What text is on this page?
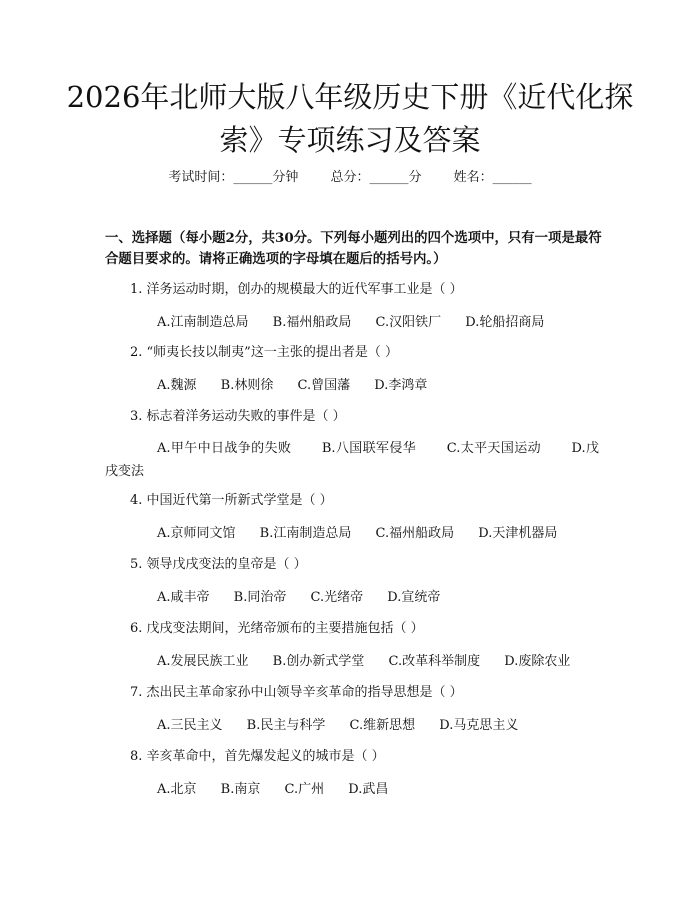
2026年北师大版八年级历史下册《近代化探索》专项练习及答案
考试时间：______分钟 总分：______分 姓名：______
一、选择题（每小题2分，共30分。下列每小题列出的四个选项中，只有一项是最符合题目要求的。请将正确选项的字母填在题后的括号内。）
1. 洋务运动时期，创办的规模最大的近代军事工业是（ ）
A.江南制造总局 B.福州船政局 C.汉阳铁厂 D.轮船招商局
2. “师夷长技以制夷”这一主张的提出者是（ ）
A.魏源 B.林则徐 C.曾国藩 D.李鸿章
3. 标志着洋务运动失败的事件是（ ）
A.甲午中日战争的失败 B.八国联军侵华 C.太平天国运动 D.戊戌变法
4. 中国近代第一所新式学堂是（ ）
A.京师同文馆 B.江南制造总局 C.福州船政局 D.天津机器局
5. 领导戊戌变法的皇帝是（ ）
A.咸丰帝 B.同治帝 C.光绪帝 D.宣统帝
6. 戊戌变法期间，光绪帝颁布的主要措施包括（ ）
A.发展民族工业 B.创办新式学堂 C.改革科举制度 D.废除农业
7. 杰出民主革命家孙中山领导辛亥革命的指导思想是（ ）
A.三民主义 B.民主与科学 C.维新思想 D.马克思主义
8. 辛亥革命中，首先爆发起义的城市是（ ）
A.北京 B.南京 C.广州 D.武昌
